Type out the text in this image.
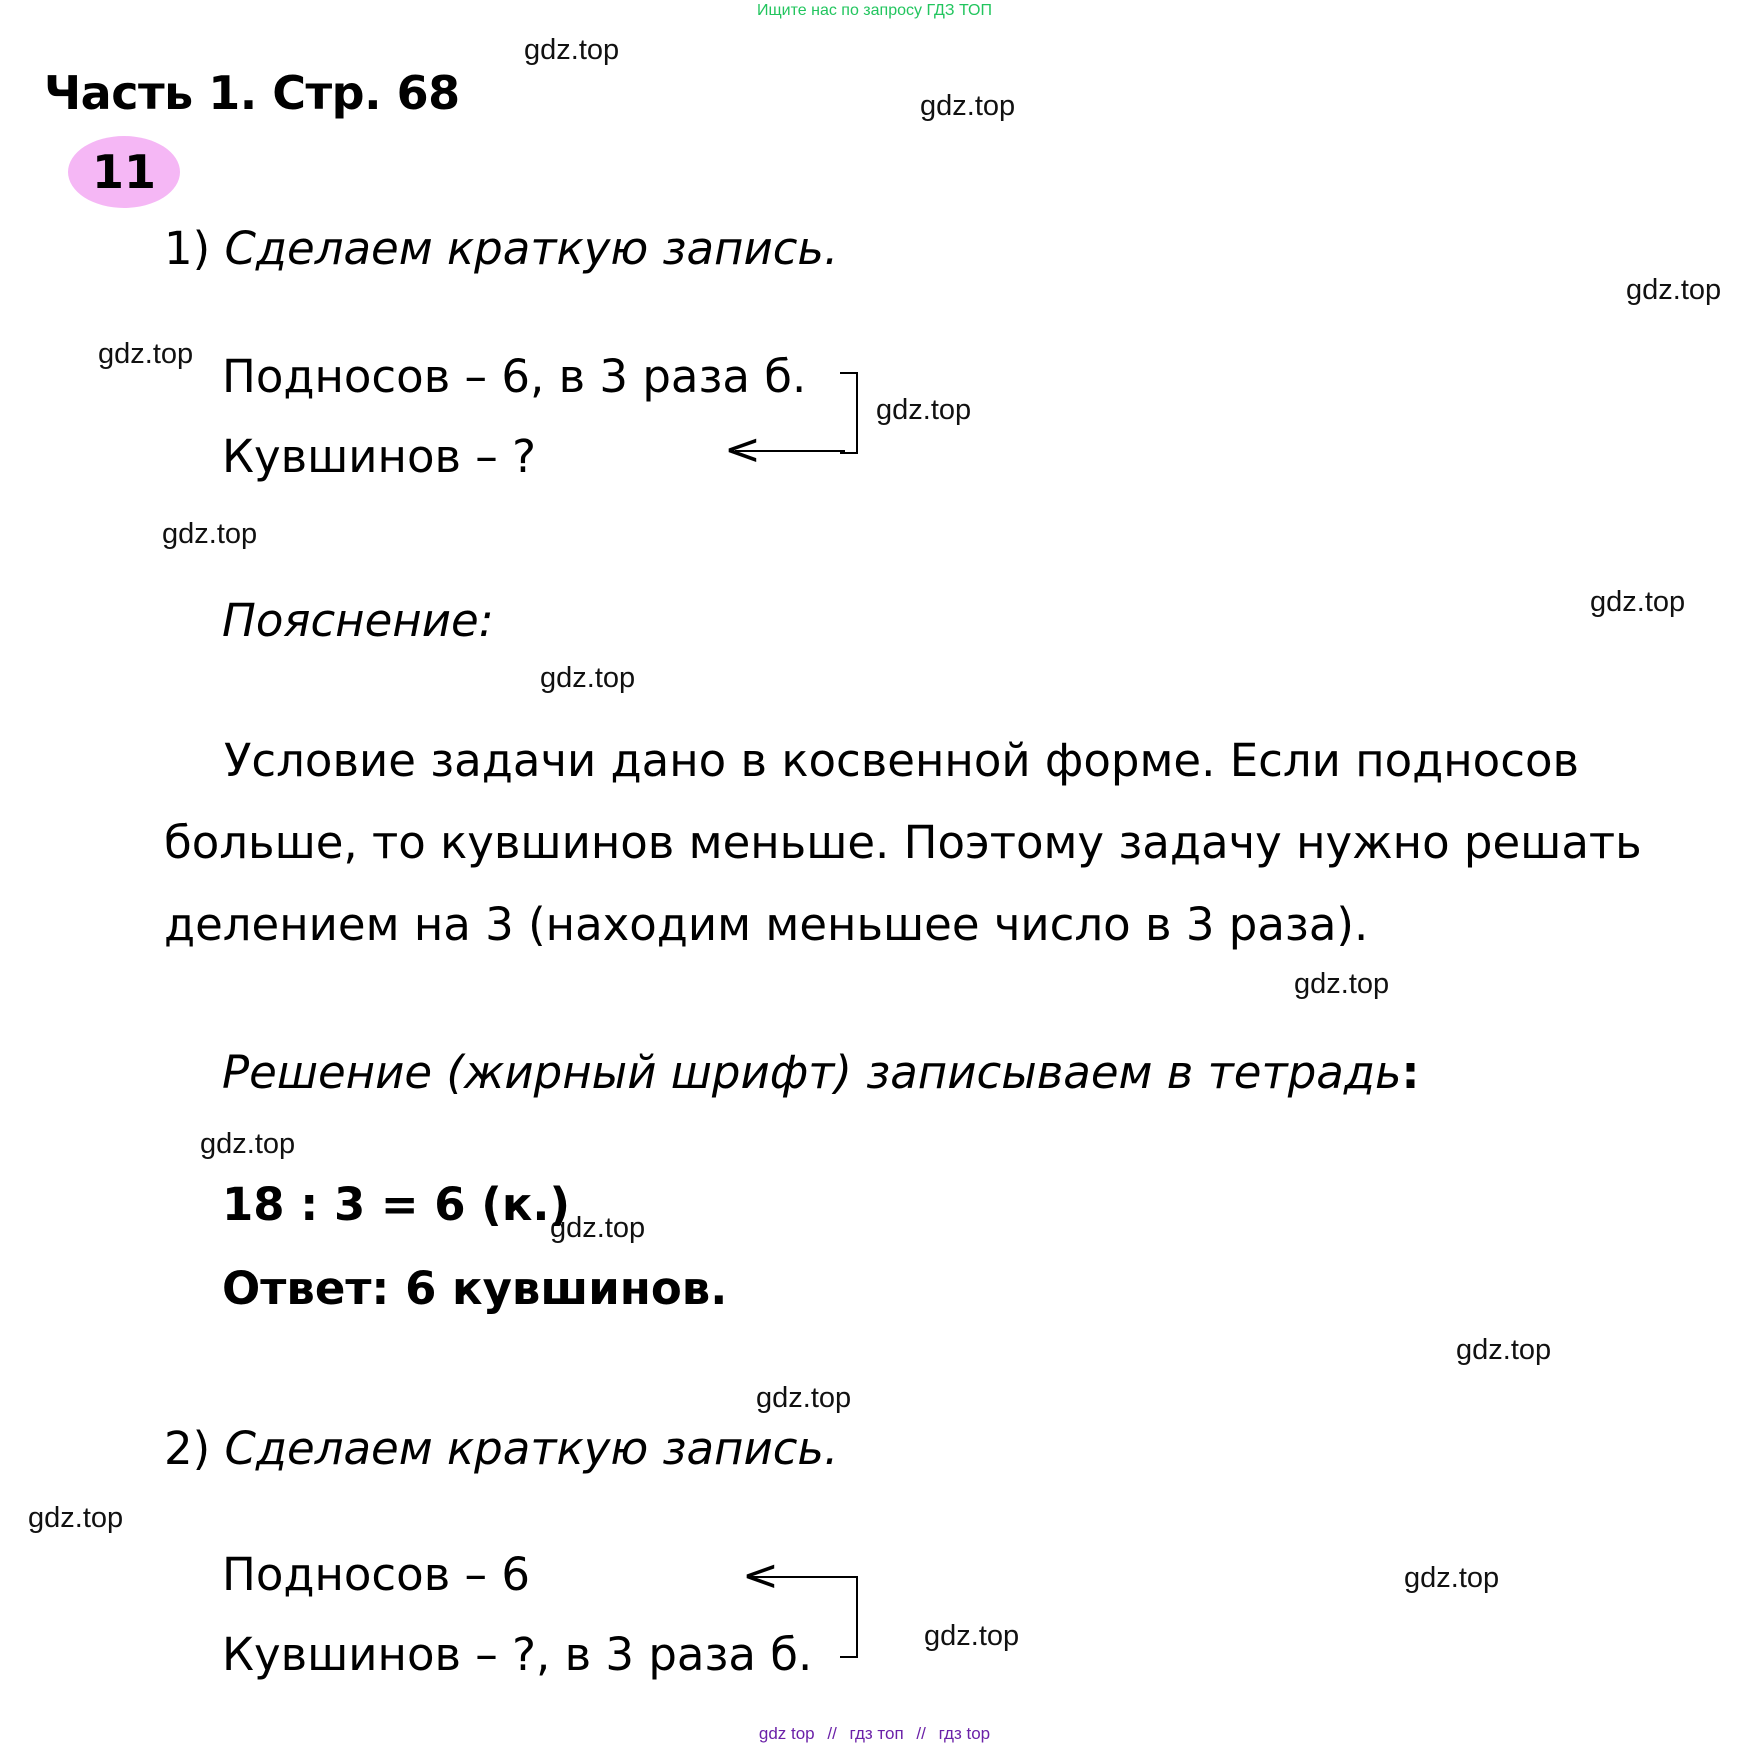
Ищите нас по запросу ГДЗ ТОП
gdz.top
gdz.top
gdz.top
gdz.top
gdz.top
gdz.top
gdz.top
gdz.top
gdz.top
gdz.top
gdz.top
gdz.top
gdz.top
gdz.top
gdz.top
gdz.top
Часть 1. Стр. 68
11
1) Сделаем краткую запись.
Подносов – 6, в 3 раза б.
Кувшинов – ?	<
Пояснение:

Условие задачи дано в косвенной форме. Если подносов

больше, то кувшинов меньше. Поэтому задачу нужно решать

делением на 3 (находим меньшее число в 3 раза).

Решение (жирный шрифт) записываем в тетрадь:
18 : 3 = 6 (к.)
Ответ: 6 кувшинов.
2) Сделаем краткую запись.
Подносов – 6
Кувшинов – ?, в 3 раза б.
<
gdz top // гдз топ // гдз top
